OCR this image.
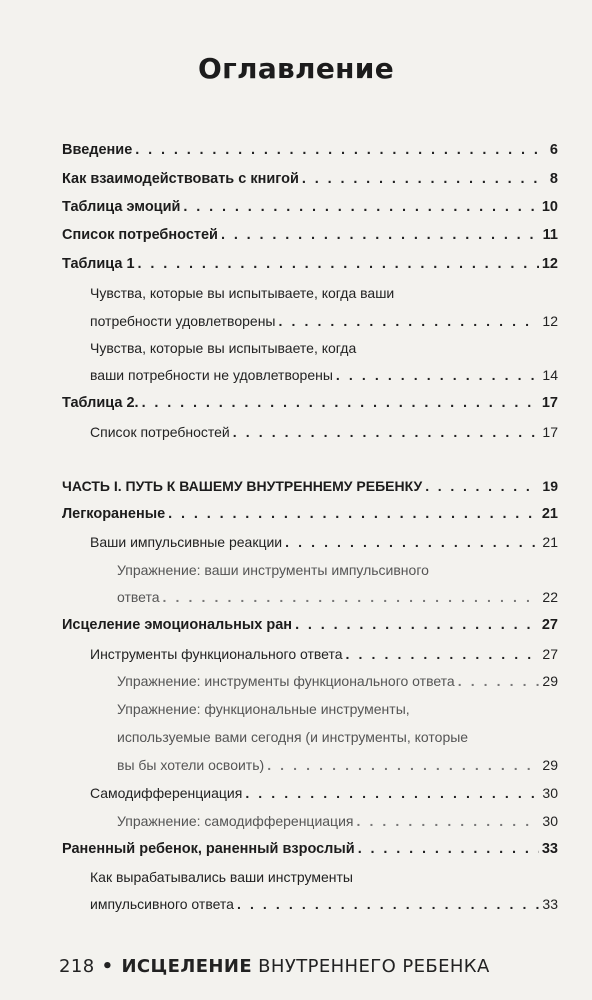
Оглавление
Введение . . .	6
Как взаимодействовать с книгой . . .	8
Таблица эмоций . . .	10
Список потребностей . . .	11
Таблица 1 . . .	12
Чувства, которые вы испытываете, когда ваши
потребности удовлетворены . . .	12
Чувства, которые вы испытываете, когда
ваши потребности не удовлетворены . . .	14
Таблица 2. . . .	17
Список потребностей . . .	17
ЧАСТЬ I. ПУТЬ К ВАШЕМУ ВНУТРЕННЕМУ РЕБЕНКУ . . .	19
Легкораненые . . .	21
Ваши импульсивные реакции . . .	21
Упражнение: ваши инструменты импульсивного
ответа . . .	22
Исцеление эмоциональных ран . . .	27
Инструменты функционального ответа . . .	27
Упражнение: инструменты функционального ответа . . .	29
Упражнение: функциональные инструменты,
используемые вами сегодня (и инструменты, которые
вы бы хотели освоить) . . .	29
Самодифференциация . . .	30
Упражнение: самодифференциация . . .	30
Раненный ребенок, раненный взрослый . . .	33
Как вырабатывались ваши инструменты
импульсивного ответа . . .	33
218 • ИСЦЕЛЕНИЕ ВНУТРЕННЕГО РЕБЕНКА
